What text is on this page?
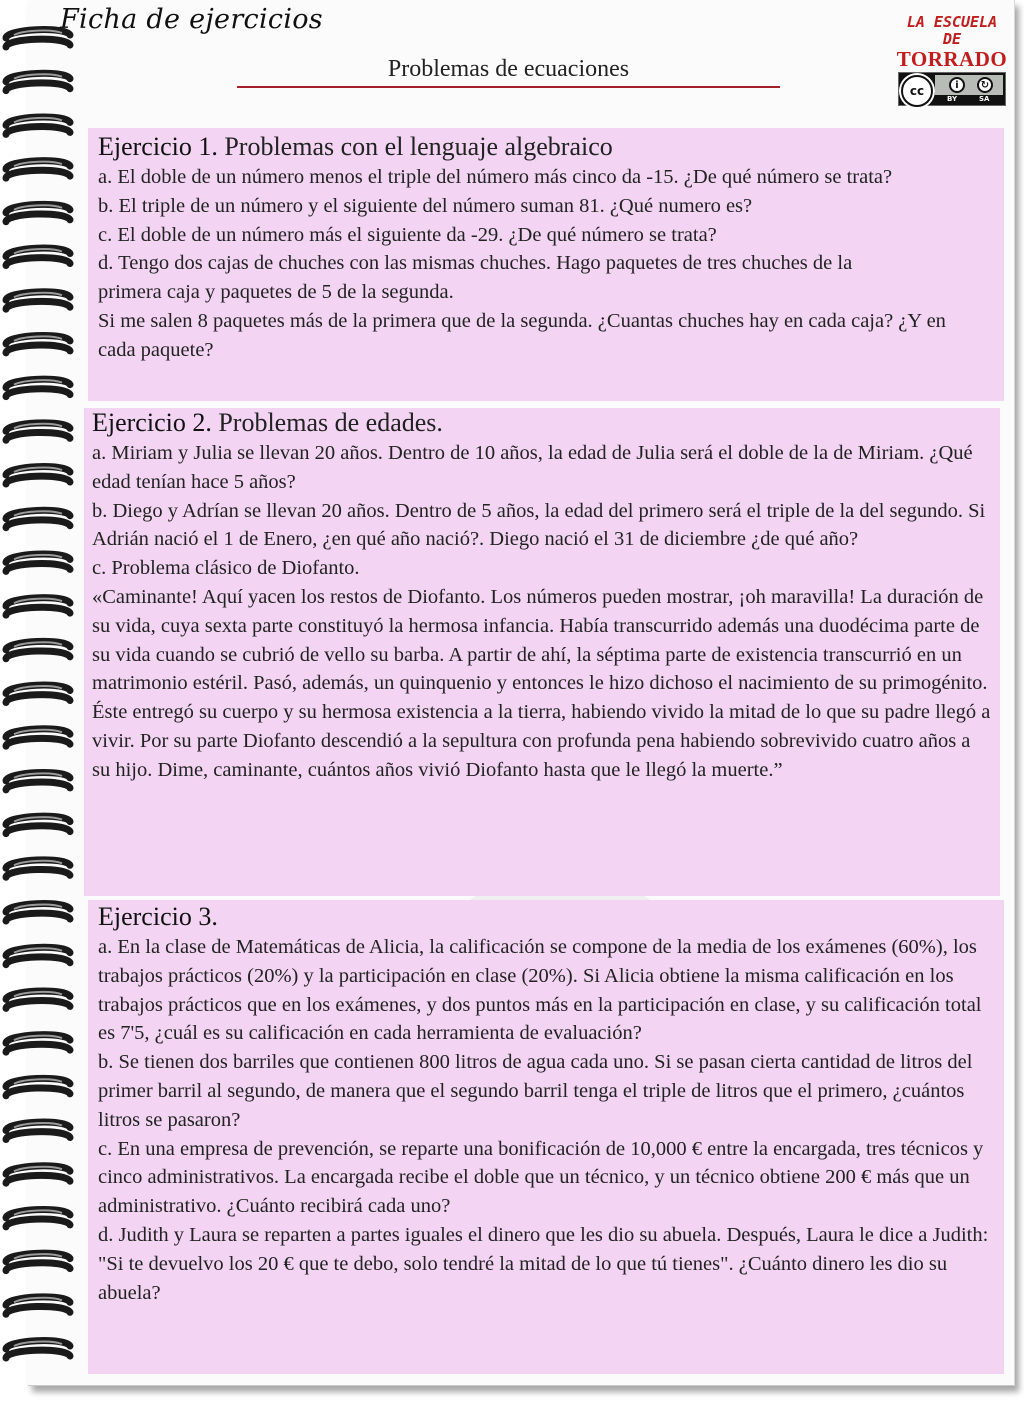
Ficha de ejercicios
Problemas de ecuaciones
LA ESCUELA
DE
TORRADO
cc	i	↻
BY	SA
Ejercicio 1. Problemas con el lenguaje algebraico

a. El doble de un número menos el triple del número más cinco da -15. ¿De qué número se trata?

b. El triple de un número y el siguiente del número suman 81. ¿Qué numero es?

c. El doble de un número más el siguiente da -29. ¿De qué número se trata?

d. Tengo dos cajas de chuches con las mismas chuches. Hago paquetes de tres chuches de la primera caja y paquetes de 5 de la segunda.

Si me salen 8 paquetes más de la primera que de la segunda. ¿Cuantas chuches hay en cada caja? ¿Y en cada paquete?

Ejercicio 2. Problemas de edades.

a. Miriam y Julia se llevan 20 años. Dentro de 10 años, la edad de Julia será el doble de la de Miriam. ¿Qué edad tenían hace 5 años?

b. Diego y Adrían se llevan 20 años. Dentro de 5 años, la edad del primero será el triple de la del segundo. Si Adrián nació el 1 de Enero, ¿en qué año nació?. Diego nació el 31 de diciembre ¿de qué año?

c. Problema clásico de Diofanto.

«Caminante! Aquí yacen los restos de Diofanto. Los números pueden mostrar, ¡oh maravilla! La duración de su vida, cuya sexta parte constituyó la hermosa infancia. Había transcurrido además una duodécima parte de su vida cuando se cubrió de vello su barba. A partir de ahí, la séptima parte de existencia transcurrió en un matrimonio estéril. Pasó, además, un quinquenio y entonces le hizo dichoso el nacimiento de su primogénito. Éste entregó su cuerpo y su hermosa existencia a la tierra, habiendo vivido la mitad de lo que su padre llegó a vivir. Por su parte Diofanto descendió a la sepultura con profunda pena habiendo sobrevivido cuatro años a su hijo. Dime, caminante, cuántos años vivió Diofanto hasta que le llegó la muerte.”

Ejercicio 3.

a. En la clase de Matemáticas de Alicia, la calificación se compone de la media de los exámenes (60%), los trabajos prácticos (20%) y la participación en clase (20%). Si Alicia obtiene la misma calificación en los trabajos prácticos que en los exámenes, y dos puntos más en la participación en clase, y su calificación total es 7'5, ¿cuál es su calificación en cada herramienta de evaluación?

b. Se tienen dos barriles que contienen 800 litros de agua cada uno. Si se pasan cierta cantidad de litros del primer barril al segundo, de manera que el segundo barril tenga el triple de litros que el primero, ¿cuántos litros se pasaron?

c. En una empresa de prevención, se reparte una bonificación de 10,000 € entre la encargada, tres técnicos y cinco administrativos. La encargada recibe el doble que un técnico, y un técnico obtiene 200 € más que un administrativo. ¿Cuánto recibirá cada uno?

d. Judith y Laura se reparten a partes iguales el dinero que les dio su abuela. Después, Laura le dice a Judith: "Si te devuelvo los 20 € que te debo, solo tendré la mitad de lo que tú tienes". ¿Cuánto dinero les dio su abuela?
